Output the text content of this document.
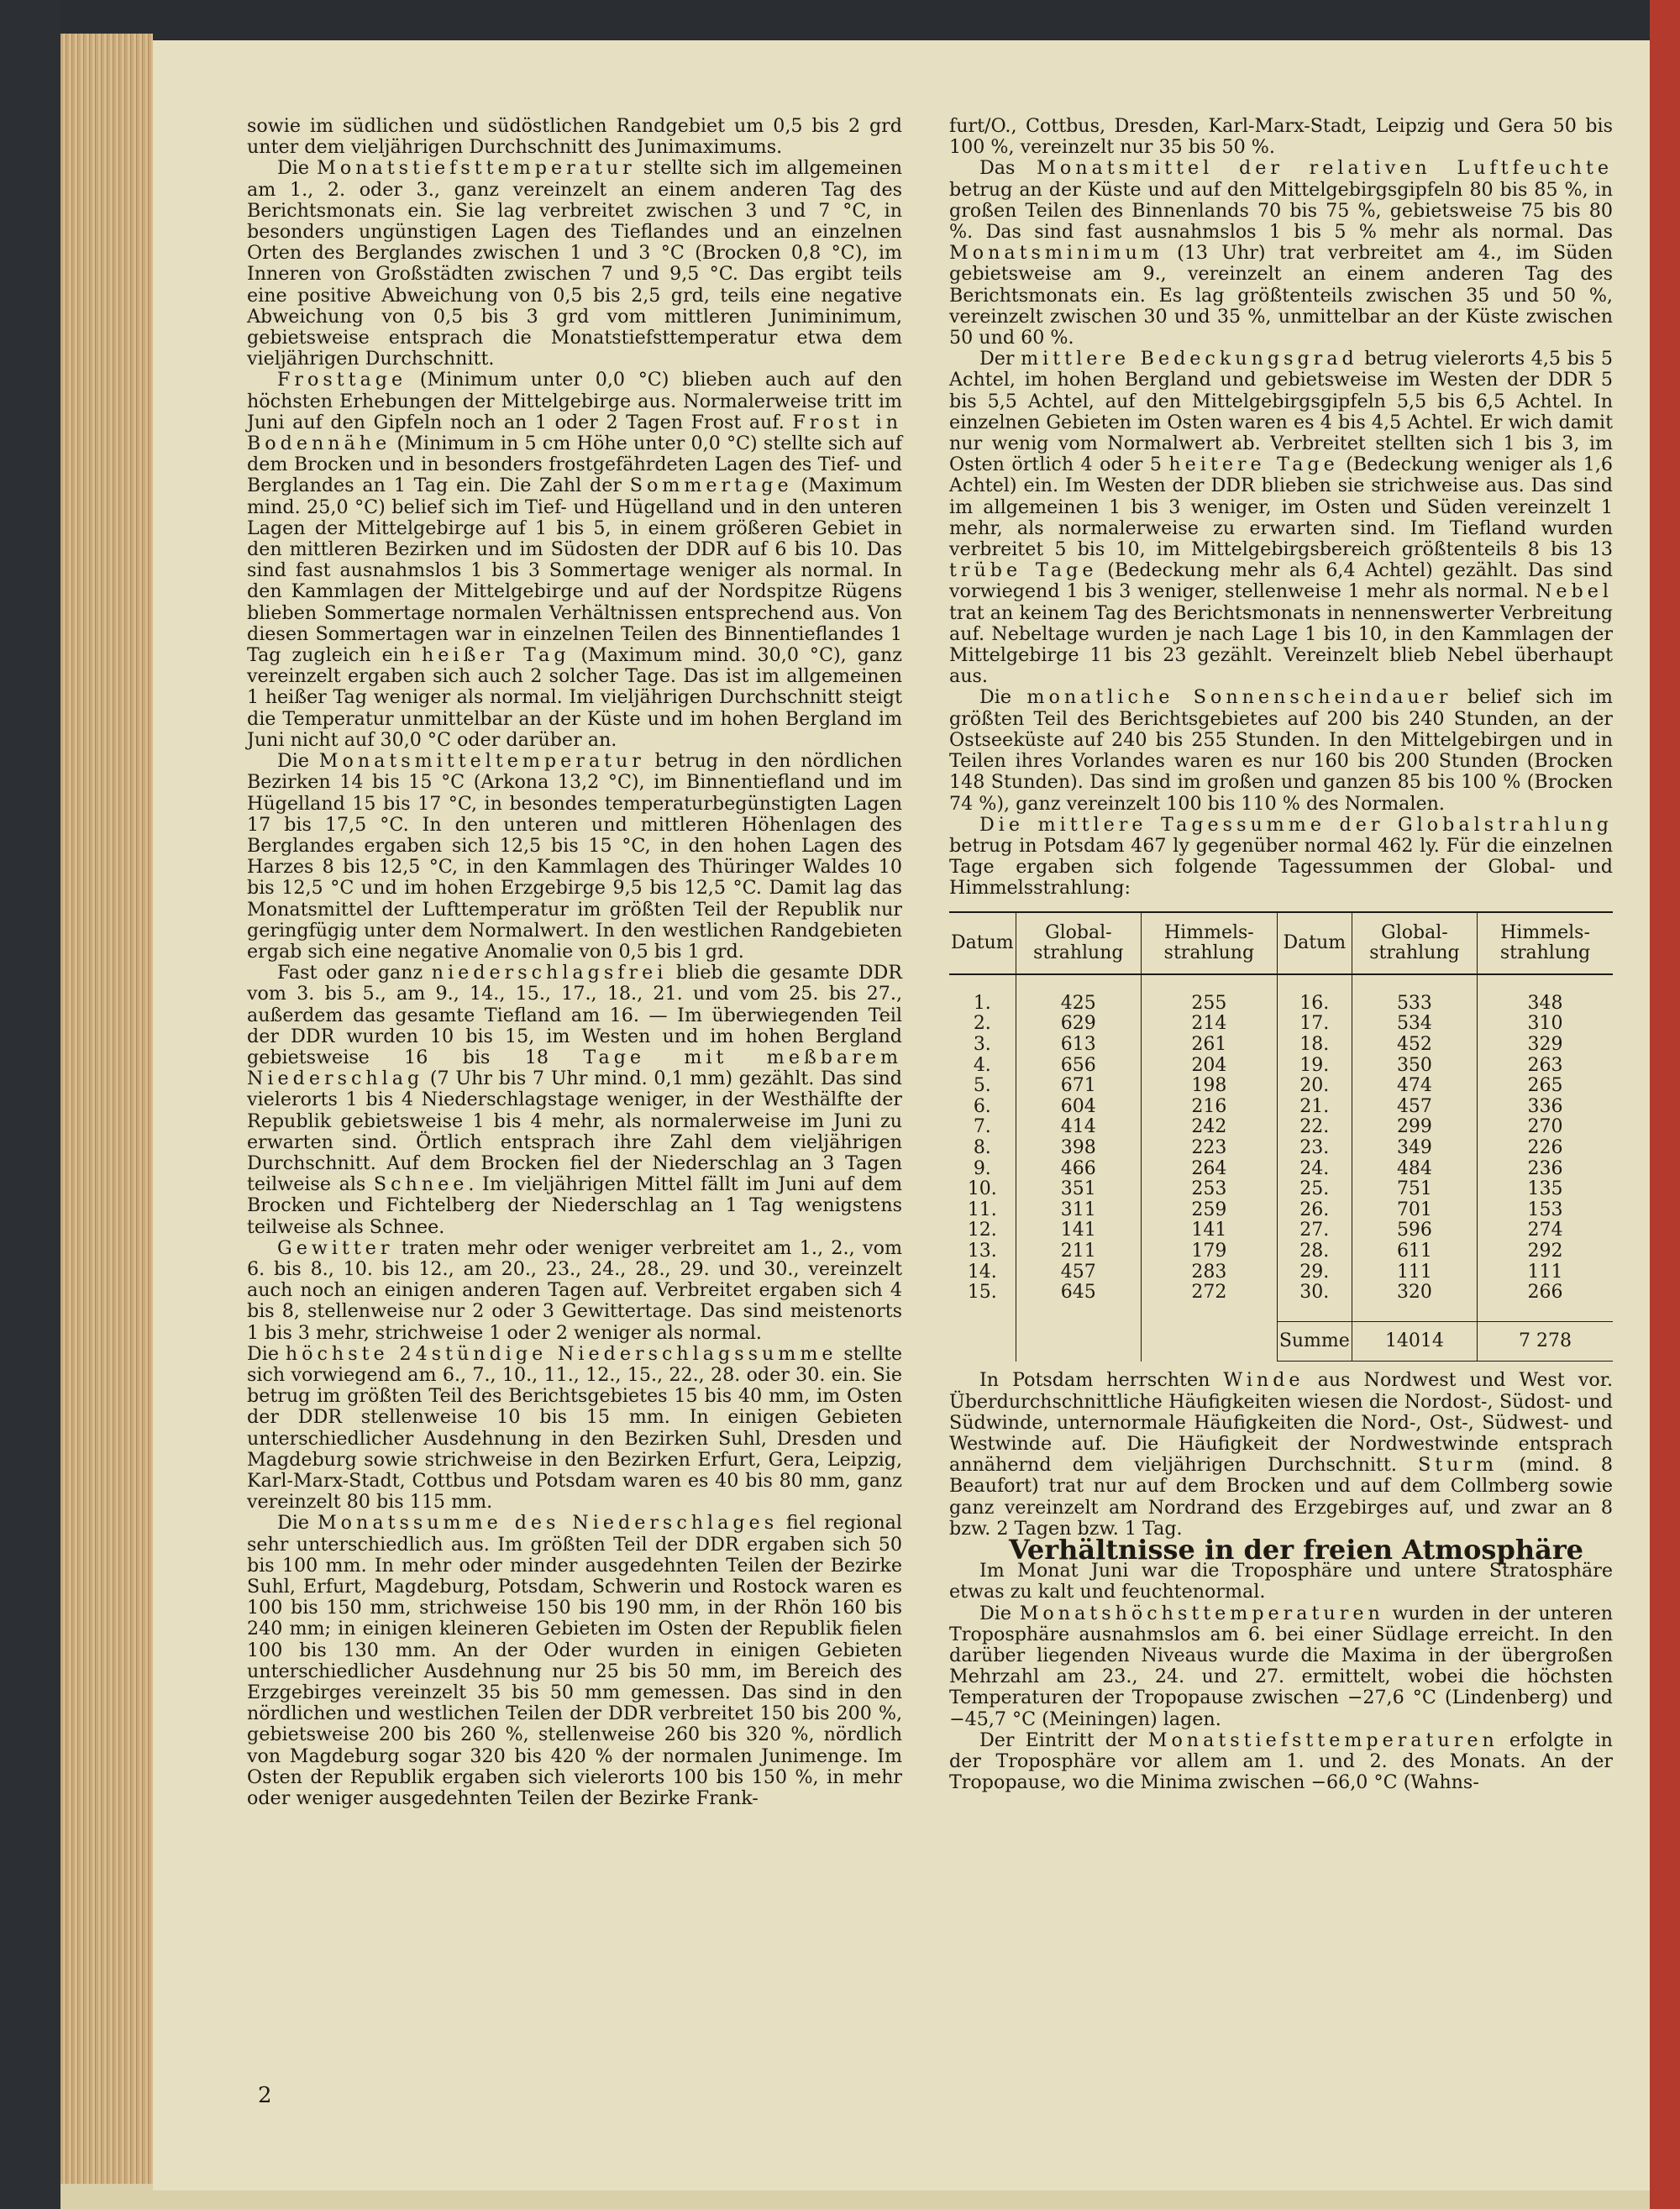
sowie im südlichen und südöstlichen Randgebiet um 0,5 bis 2 grd unter dem vieljährigen Durchschnitt des Junimaximums.

Die Monatstiefsttemperatur stellte sich im allgemeinen am 1., 2. oder 3., ganz vereinzelt an einem anderen Tag des Berichtsmonats ein. Sie lag verbreitet zwischen 3 und 7 °C, in besonders ungünstigen Lagen des Tieflandes und an einzelnen Orten des Berglandes zwischen 1 und 3 °C (Brocken 0,8 °C), im Inneren von Großstädten zwischen 7 und 9,5 °C. Das ergibt teils eine positive Abweichung von 0,5 bis 2,5 grd, teils eine negative Abweichung von 0,5 bis 3 grd vom mittleren Juniminimum, gebietsweise entsprach die Monatstiefsttemperatur etwa dem vieljährigen Durchschnitt.

Frosttage (Minimum unter 0,0 °C) blieben auch auf den höchsten Erhebungen der Mittelgebirge aus. Normalerweise tritt im Juni auf den Gipfeln noch an 1 oder 2 Tagen Frost auf. Frost in Bodennähe (Minimum in 5 cm Höhe unter 0,0 °C) stellte sich auf dem Brocken und in besonders frostgefährdeten Lagen des Tief- und Berglandes an 1 Tag ein. Die Zahl der Sommertage (Maximum mind. 25,0 °C) belief sich im Tief- und Hügelland und in den unteren Lagen der Mittelgebirge auf 1 bis 5, in einem größeren Gebiet in den mittleren Bezirken und im Südosten der DDR auf 6 bis 10. Das sind fast ausnahmslos 1 bis 3 Sommertage weniger als normal. In den Kammlagen der Mittelgebirge und auf der Nordspitze Rügens blieben Sommertage normalen Verhältnissen entsprechend aus. Von diesen Sommertagen war in einzelnen Teilen des Binnentieflandes 1 Tag zugleich ein heißer Tag (Maximum mind. 30,0 °C), ganz vereinzelt ergaben sich auch 2 solcher Tage. Das ist im allgemeinen 1 heißer Tag weniger als normal. Im vieljährigen Durchschnitt steigt die Temperatur unmittelbar an der Küste und im hohen Bergland im Juni nicht auf 30,0 °C oder darüber an.

Die Monatsmitteltemperatur betrug in den nördlichen Bezirken 14 bis 15 °C (Arkona 13,2 °C), im Binnentiefland und im Hügelland 15 bis 17 °C, in besondes temperaturbegünstigten Lagen 17 bis 17,5 °C. In den unteren und mittleren Höhenlagen des Berglandes ergaben sich 12,5 bis 15 °C, in den hohen Lagen des Harzes 8 bis 12,5 °C, in den Kammlagen des Thüringer Waldes 10 bis 12,5 °C und im hohen Erzgebirge 9,5 bis 12,5 °C. Damit lag das Monatsmittel der Lufttemperatur im größten Teil der Republik nur geringfügig unter dem Normalwert. In den westlichen Randgebieten ergab sich eine negative Anomalie von 0,5 bis 1 grd.

Fast oder ganz niederschlagsfrei blieb die gesamte DDR vom 3. bis 5., am 9., 14., 15., 17., 18., 21. und vom 25. bis 27., außerdem das gesamte Tiefland am 16. — Im überwiegenden Teil der DDR wurden 10 bis 15, im Westen und im hohen Bergland gebietsweise 16 bis 18 Tage mit meßbarem Niederschlag (7 Uhr bis 7 Uhr mind. 0,1 mm) gezählt. Das sind vielerorts 1 bis 4 Niederschlagstage weniger, in der Westhälfte der Republik gebietsweise 1 bis 4 mehr, als normalerweise im Juni zu erwarten sind. Örtlich entsprach ihre Zahl dem vieljährigen Durchschnitt. Auf dem Brocken fiel der Niederschlag an 3 Tagen teilweise als Schnee. Im vieljährigen Mittel fällt im Juni auf dem Brocken und Fichtelberg der Niederschlag an 1 Tag wenigstens teilweise als Schnee.

Gewitter traten mehr oder weniger verbreitet am 1., 2., vom 6. bis 8., 10. bis 12., am 20., 23., 24., 28., 29. und 30., vereinzelt auch noch an einigen anderen Tagen auf. Verbreitet ergaben sich 4 bis 8, stellenweise nur 2 oder 3 Gewittertage. Das sind meistenorts 1 bis 3 mehr, strichweise 1 oder 2 weniger als normal.

Die höchste 24stündige Niederschlagssumme stellte sich vorwiegend am 6., 7., 10., 11., 12., 15., 22., 28. oder 30. ein. Sie betrug im größten Teil des Berichtsgebietes 15 bis 40 mm, im Osten der DDR stellenweise 10 bis 15 mm. In einigen Gebieten unterschiedlicher Ausdehnung in den Bezirken Suhl, Dresden und Magdeburg sowie strichweise in den Bezirken Erfurt, Gera, Leipzig, Karl-Marx-Stadt, Cottbus und Potsdam waren es 40 bis 80 mm, ganz vereinzelt 80 bis 115 mm.

Die Monatssumme des Niederschlages fiel regional sehr unterschiedlich aus. Im größten Teil der DDR ergaben sich 50 bis 100 mm. In mehr oder minder ausgedehnten Teilen der Bezirke Suhl, Erfurt, Magdeburg, Potsdam, Schwerin und Rostock waren es 100 bis 150 mm, strichweise 150 bis 190 mm, in der Rhön 160 bis 240 mm; in einigen kleineren Gebieten im Osten der Republik fielen 100 bis 130 mm. An der Oder wurden in einigen Gebieten unterschiedlicher Ausdehnung nur 25 bis 50 mm, im Bereich des Erzgebirges vereinzelt 35 bis 50 mm gemessen. Das sind in den nördlichen und westlichen Teilen der DDR verbreitet 150 bis 200 %, gebietsweise 200 bis 260 %, stellenweise 260 bis 320 %, nördlich von Magdeburg sogar 320 bis 420 % der normalen Junimenge. Im Osten der Republik ergaben sich vielerorts 100 bis 150 %, in mehr oder weniger ausgedehnten Teilen der Bezirke Frank-

furt/O., Cottbus, Dresden, Karl-Marx-Stadt, Leipzig und Gera 50 bis 100 %, vereinzelt nur 35 bis 50 %.

Das Monatsmittel der relativen Luftfeuchte betrug an der Küste und auf den Mittelgebirgsgipfeln 80 bis 85 %, in großen Teilen des Binnenlands 70 bis 75 %, gebietsweise 75 bis 80 %. Das sind fast ausnahmslos 1 bis 5 % mehr als normal. Das Monatsminimum (13 Uhr) trat verbreitet am 4., im Süden gebietsweise am 9., vereinzelt an einem anderen Tag des Berichtsmonats ein. Es lag größtenteils zwischen 35 und 50 %, vereinzelt zwischen 30 und 35 %, unmittelbar an der Küste zwischen 50 und 60 %.

Der mittlere Bedeckungsgrad betrug vielerorts 4,5 bis 5 Achtel, im hohen Bergland und gebietsweise im Westen der DDR 5 bis 5,5 Achtel, auf den Mittelgebirgsgipfeln 5,5 bis 6,5 Achtel. In einzelnen Gebieten im Osten waren es 4 bis 4,5 Achtel. Er wich damit nur wenig vom Normalwert ab. Verbreitet stellten sich 1 bis 3, im Osten örtlich 4 oder 5 heitere Tage (Bedeckung weniger als 1,6 Achtel) ein. Im Westen der DDR blieben sie strichweise aus. Das sind im allgemeinen 1 bis 3 weniger, im Osten und Süden vereinzelt 1 mehr, als normalerweise zu erwarten sind. Im Tiefland wurden verbreitet 5 bis 10, im Mittelgebirgsbereich größtenteils 8 bis 13 trübe Tage (Bedeckung mehr als 6,4 Achtel) gezählt. Das sind vorwiegend 1 bis 3 weniger, stellenweise 1 mehr als normal. Nebel trat an keinem Tag des Berichtsmonats in nennenswerter Verbreitung auf. Nebeltage wurden je nach Lage 1 bis 10, in den Kammlagen der Mittelgebirge 11 bis 23 gezählt. Vereinzelt blieb Nebel überhaupt aus.

Die monatliche Sonnenscheindauer belief sich im größten Teil des Berichtsgebietes auf 200 bis 240 Stunden, an der Ostseeküste auf 240 bis 255 Stunden. In den Mittelgebirgen und in Teilen ihres Vorlandes waren es nur 160 bis 200 Stunden (Brocken 148 Stunden). Das sind im großen und ganzen 85 bis 100 % (Brocken 74 %), ganz vereinzelt 100 bis 110 % des Normalen.

Die mittlere Tagessumme der Globalstrahlung betrug in Potsdam 467 ly gegenüber normal 462 ly. Für die einzelnen Tage ergaben sich folgende Tagessummen der Global- und Himmelsstrahlung:

Datum	Global-strahlung	Himmels-strahlung	Datum	Global-strahlung	Himmels-strahlung

1.	425	255	16.	533	348
2.	629	214	17.	534	310
3.	613	261	18.	452	329
4.	656	204	19.	350	263
5.	671	198	20.	474	265
6.	604	216	21.	457	336
7.	414	242	22.	299	270
8.	398	223	23.	349	226
9.	466	264	24.	484	236
10.	351	253	25.	751	135
11.	311	259	26.	701	153
12.	141	141	27.	596	274
13.	211	179	28.	611	292
14.	457	283	29.	111	111
15.	645	272	30.	320	266

			Summe	14014	7 278

In Potsdam herrschten Winde aus Nordwest und West vor. Überdurchschnittliche Häufigkeiten wiesen die Nordost-, Südost- und Südwinde, unternormale Häufigkeiten die Nord-, Ost-, Südwest- und Westwinde auf. Die Häufigkeit der Nordwestwinde entsprach annähernd dem vieljährigen Durchschnitt. Sturm (mind. 8 Beaufort) trat nur auf dem Brocken und auf dem Collmberg sowie ganz vereinzelt am Nordrand des Erzgebirges auf, und zwar an 8 bzw. 2 Tagen bzw. 1 Tag.

Verhältnisse in der freien Atmosphäre

Im Monat Juni war die Troposphäre und untere Stratosphäre etwas zu kalt und feuchtenormal.

Die Monatshöchsttemperaturen wurden in der unteren Troposphäre ausnahmslos am 6. bei einer Südlage erreicht. In den darüber liegenden Niveaus wurde die Maxima in der übergroßen Mehrzahl am 23., 24. und 27. ermittelt, wobei die höchsten Temperaturen der Tropopause zwischen −27,6 °C (Lindenberg) und −45,7 °C (Meiningen) lagen.

Der Eintritt der Monatstiefsttemperaturen erfolgte in der Troposphäre vor allem am 1. und 2. des Monats. An der Tropopause, wo die Minima zwischen −66,0 °C (Wahns-

2
